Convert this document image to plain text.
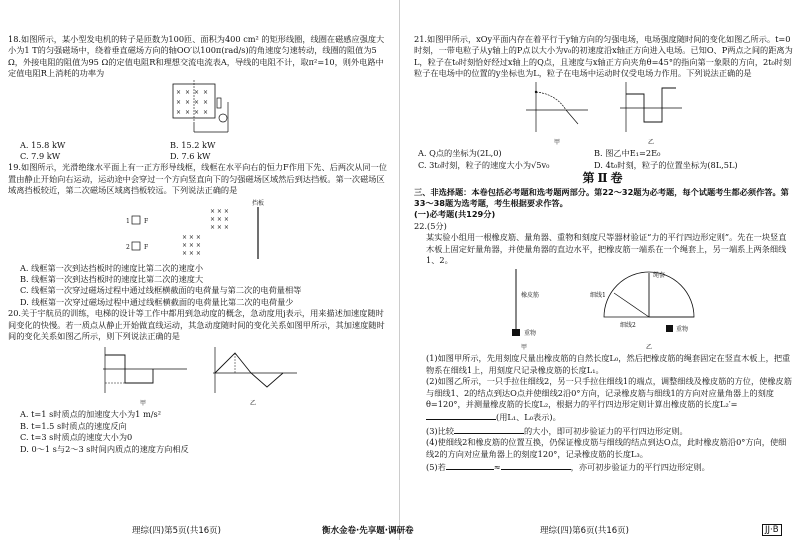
18.如图所示，某小型发电机的转子是匝数为100匝、面积为400 cm² 的矩形线圈，线圈在磁感应强度大小为1 T的匀强磁场中，绕着垂直磁场方向的轴OO′以100π(rad/s)的角速度匀速转动，线圈的阻值为5 Ω，外接电阻的阻值为95 Ω的定值电阻R和理想交流电流表A，导线的电阻不计，取π²=10，则外电路中定值电阻R上消耗的功率为

× × × ×
× × × ×
× × × ×
A. 15.8 kW	B. 15.2 kW
C. 7.9 kW	D. 7.6 kW

19.如图所示，光滑绝缘水平面上有一正方形导线框，线框在水平向右的恒力F作用下先、后两次从同一位置由静止开始向右运动，运动途中会穿过一个方向竖直向下的匀强磁场区域然后到达挡板。第一次磁场区域离挡板较近，第二次磁场区域离挡板较远。下列说法正确的是

挡板
1 F
2 F
× × ×
× × ×
× × ×
× × ×
× × ×
× × ×

A. 线框第一次到达挡板时的速度比第二次的速度小

B. 线框第一次到达挡板时的速度比第二次的速度大

C. 线框第一次穿过磁场过程中通过线框横截面的电荷量与第二次的电荷量相等

D. 线框第一次穿过磁场过程中通过线框横截面的电荷量比第二次的电荷量少

20.关于宇航员的训练，电梯的设计等工作中都用到急动度的概念，急动度用j表示，用来描述加速度随时间变化的快慢。若一质点从静止开始做直线运动，其急动度随时间的变化关系如图甲所示，其加速度随时间的变化关系如图乙所示，则下列说法正确的是

甲	乙

A. t=1 s时质点的加速度大小为1 m/s²

B. t=1.5 s时质点的速度反向

C. t=3 s时质点的速度大小为0

D. 0～1 s与2～3 s时间内质点的速度方向相反

21.如图甲所示，xOy平面内存在着平行于y轴方向的匀强电场，电场强度随时间的变化如图乙所示。t=0时刻，一带电粒子从y轴上的P点以大小为v₀的初速度沿x轴正方向进入电场。已知O、P两点之间的距离为L，粒子在t₀时刻恰好经过x轴上的Q点，且速度与x轴正方向夹角θ=45°的指向第一象限的方向，2t₀时刻粒子在电场中的位置的y坐标也为L，粒子在电场中运动时仅受电场力作用。下列说法正确的是

甲	乙
A. Q点的坐标为(2L,0)	B. 图乙中E₁=2E₀
C. 3t₀时刻，粒子的速度大小为√5v₀	D. 4t₀时刻，粒子的位置坐标为(8L,5L)
第Ⅱ卷

三、非选择题：本卷包括必考题和选考题两部分。第22～32题为必考题，每个试题考生都必须作答。第33～38题为选考题，考生根据要求作答。

(一)必考题(共129分)

22.(5分)

某实验小组用一根橡皮筋、量角器、重物和刻度尺等器材验证“力的平行四边形定则”。先在一块竖直木板上固定好量角器，并使量角器的直边水平，把橡皮筋一端系在一个绳套上，另一端系上两条细线1、2。

橡皮筋
重物
甲
绳套
细线1
细线2
重物
乙

(1)如图甲所示，先用刻度尺量出橡皮筋的自然长度L₀，然后把橡皮筋的绳套固定在竖直木板上，把重物系在细线1上，用刻度尺记录橡皮筋的长度L₁。

(2)如图乙所示，一只手拉住细线2，另一只手拉住细线1的端点，调整细线及橡皮筋的方位，使橡皮筋与细线1、2的结点到达O点并使细线2沿0°方向，记录橡皮筋与细线1的方向对应量角器上的刻度θ=120°，并测量橡皮筋的长度L₂，根据力的平行四边形定则计算出橡皮筋的长度L₂′=(用L₁、L₀表示)。

(3)比较	的大小，即可初步验证力的平行四边形定则。

(4)使细线2和橡皮筋的位置互换，仍保证橡皮筋与细线的结点到达O点，此时橡皮筋沿0°方向，使细线2的方向对应量角器上的刻度120°，记录橡皮筋的长度L₃。

(5)若	≈	，亦可初步验证力的平行四边形定则。

理综(四)第5页(共16页)	衡水金卷·先享题·调研卷	理综(四)第6页(共16页)	JJ·B
